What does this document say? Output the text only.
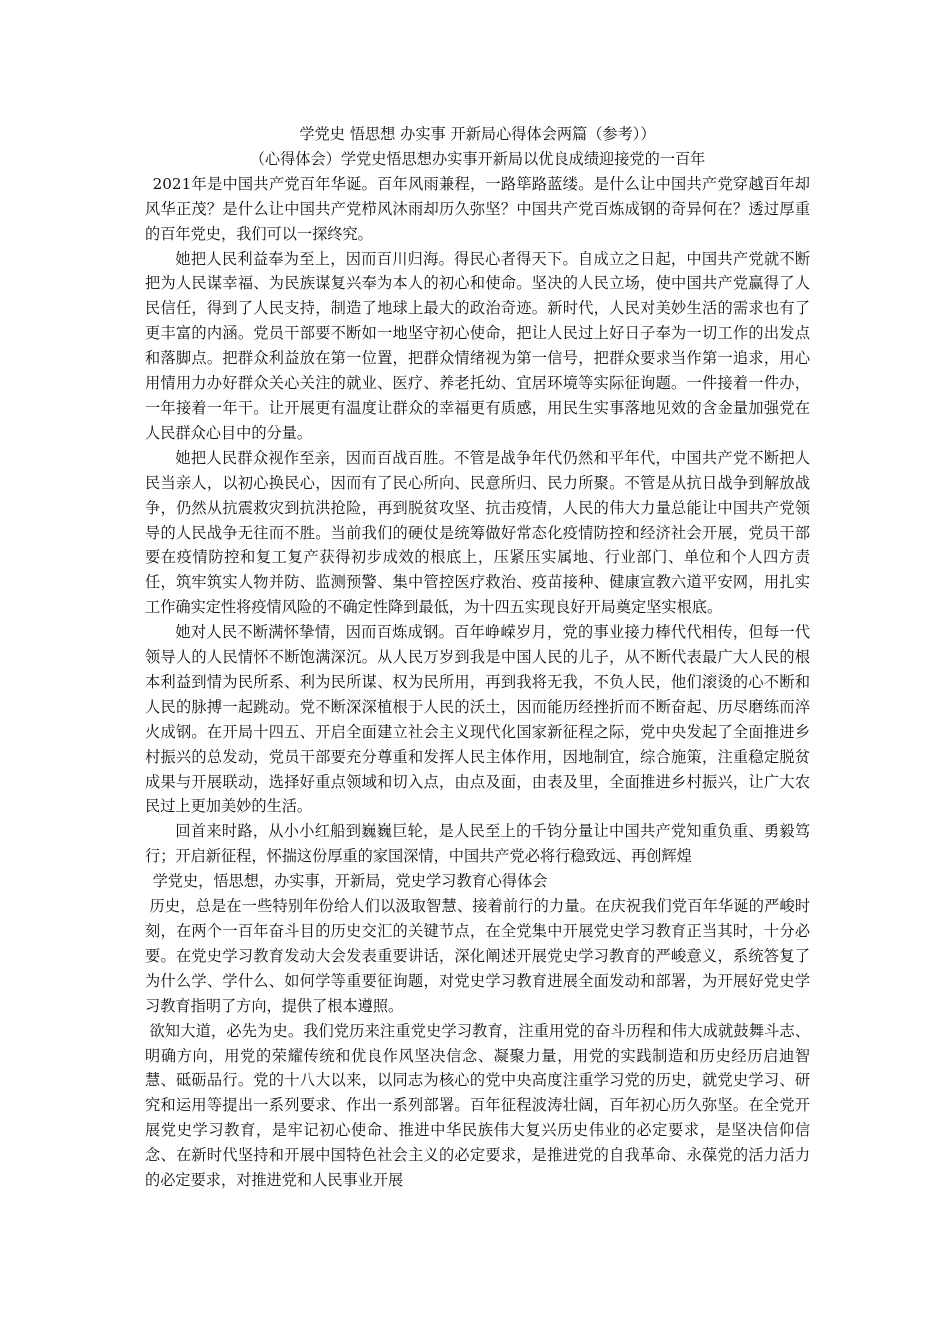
学党史 悟思想 办实事 开新局心得体会两篇（参考））

（心得体会）学党史悟思想办实事开新局以优良成绩迎接党的一百年

2021年是中国共产党百年华诞。百年风雨兼程，一路筚路蓝缕。是什么让中国共产党穿越百年却风华正茂？是什么让中国共产党栉风沐雨却历久弥坚？中国共产党百炼成钢的奇异何在？透过厚重的百年党史，我们可以一探终究。

她把人民利益奉为至上，因而百川归海。得民心者得天下。自成立之日起，中国共产党就不断把为人民谋幸福、为民族谋复兴奉为本人的初心和使命。坚决的人民立场，使中国共产党赢得了人民信任，得到了人民支持，制造了地球上最大的政治奇迹。新时代，人民对美妙生活的需求也有了更丰富的内涵。党员干部要不断如一地坚守初心使命，把让人民过上好日子奉为一切工作的出发点和落脚点。把群众利益放在第一位置，把群众情绪视为第一信号，把群众要求当作第一追求，用心用情用力办好群众关心关注的就业、医疗、养老托幼、宜居环境等实际征询题。一件接着一件办，一年接着一年干。让开展更有温度让群众的幸福更有质感，用民生实事落地见效的含金量加强党在人民群众心目中的分量。

她把人民群众视作至亲，因而百战百胜。不管是战争年代仍然和平年代，中国共产党不断把人民当亲人，以初心换民心，因而有了民心所向、民意所归、民力所聚。不管是从抗日战争到解放战争，仍然从抗震救灾到抗洪抢险，再到脱贫攻坚、抗击疫情，人民的伟大力量总能让中国共产党领导的人民战争无往而不胜。当前我们的硬仗是统筹做好常态化疫情防控和经济社会开展，党员干部要在疫情防控和复工复产获得初步成效的根底上，压紧压实属地、行业部门、单位和个人四方责任，筑牢筑实人物并防、监测预警、集中管控医疗救治、疫苗接种、健康宣教六道平安网，用扎实工作确实定性将疫情风险的不确定性降到最低，为十四五实现良好开局奠定坚实根底。

她对人民不断满怀挚情，因而百炼成钢。百年峥嵘岁月，党的事业接力棒代代相传，但每一代领导人的人民情怀不断饱满深沉。从人民万岁到我是中国人民的儿子，从不断代表最广大人民的根本利益到情为民所系、利为民所谋、权为民所用，再到我将无我，不负人民，他们滚烫的心不断和人民的脉搏一起跳动。党不断深深植根于人民的沃土，因而能历经挫折而不断奋起、历尽磨练而淬火成钢。在开局十四五、开启全面建立社会主义现代化国家新征程之际，党中央发起了全面推进乡村振兴的总发动，党员干部要充分尊重和发挥人民主体作用，因地制宜，综合施策，注重稳定脱贫成果与开展联动，选择好重点领域和切入点，由点及面，由表及里，全面推进乡村振兴，让广大农民过上更加美妙的生活。

回首来时路，从小小红船到巍巍巨轮，是人民至上的千钧分量让中国共产党知重负重、勇毅笃行；开启新征程，怀揣这份厚重的家国深情，中国共产党必将行稳致远、再创辉煌

学党史，悟思想，办实事，开新局，党史学习教育心得体会

历史，总是在一些特别年份给人们以汲取智慧、接着前行的力量。在庆祝我们党百年华诞的严峻时刻，在两个一百年奋斗目的历史交汇的关键节点，在全党集中开展党史学习教育正当其时，十分必要。在党史学习教育发动大会发表重要讲话，深化阐述开展党史学习教育的严峻意义，系统答复了为什么学、学什么、如何学等重要征询题，对党史学习教育进展全面发动和部署，为开展好党史学习教育指明了方向，提供了根本遵照。

欲知大道，必先为史。我们党历来注重党史学习教育，注重用党的奋斗历程和伟大成就鼓舞斗志、明确方向，用党的荣耀传统和优良作风坚决信念、凝聚力量，用党的实践制造和历史经历启迪智慧、砥砺品行。党的十八大以来，以同志为核心的党中央高度注重学习党的历史，就党史学习、研究和运用等提出一系列要求、作出一系列部署。百年征程波涛壮阔，百年初心历久弥坚。在全党开展党史学习教育，是牢记初心使命、推进中华民族伟大复兴历史伟业的必定要求，是坚决信仰信念、在新时代坚持和开展中国特色社会主义的必定要求，是推进党的自我革命、永葆党的活力活力的必定要求，对推进党和人民事业开展
